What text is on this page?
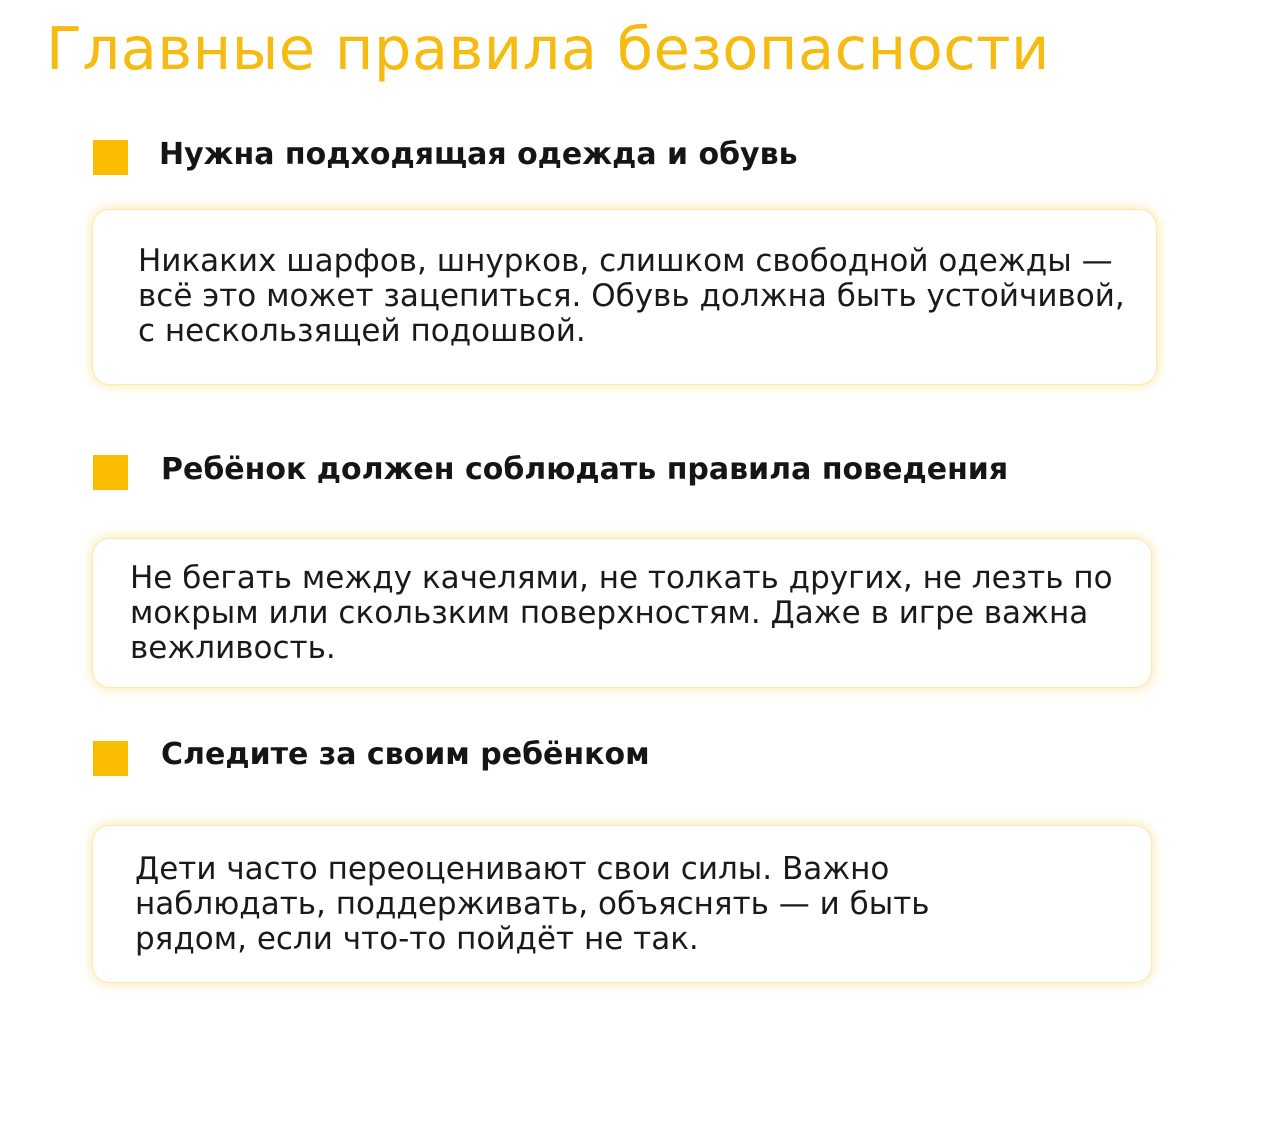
Главные правила безопасности
Нужна подходящая одежда и обувь

Никаких шарфов, шнурков, слишком свободной одежды — всё это может зацепиться. Обувь должна быть устойчивой, с нескользящей подошвой.

Ребёнок должен соблюдать правила поведения

Не бегать между качелями, не толкать других, не лезть по мокрым или скользким поверхностям. Даже в игре важна вежливость.

Следите за своим ребёнком

Дети часто переоценивают свои силы. Важно наблюдать, поддерживать, объяснять — и быть рядом, если что-то пойдёт не так.
